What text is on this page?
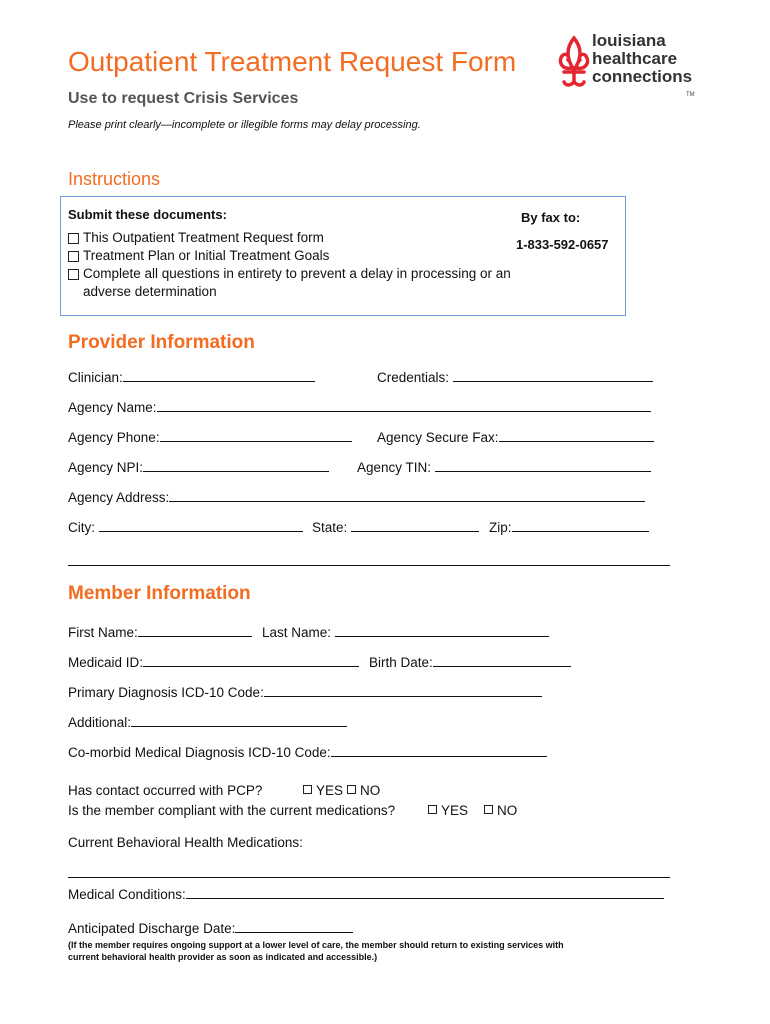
Outpatient Treatment Request Form
Use to request Crisis Services
Please print clearly—incomplete or illegible forms may delay processing.
louisiana
healthcare
connections
TM
Instructions
Submit these documents:	By fax to:
1-833-592-0657
This Outpatient Treatment Request form
Treatment Plan or Initial Treatment Goals
Complete all questions in entirety to prevent a delay in processing or an adverse determination
Provider Information
Clinician:	Credentials:
Agency Name:
Agency Phone:	Agency Secure Fax:
Agency NPI:	Agency TIN:
Agency Address:
City:	State:	Zip:
Member Information
First Name:	Last Name:
Medicaid ID:	Birth Date:
Primary Diagnosis ICD-10 Code:
Additional:
Co-morbid Medical Diagnosis ICD-10 Code:
Has contact occurred with PCP?	YES	NO
Is the member compliant with the current medications?	YES	NO
Current Behavioral Health Medications:
Medical Conditions:
Anticipated Discharge Date:
(If the member requires ongoing support at a lower level of care, the member should return to existing services with current behavioral health provider as soon as indicated and accessible.)
